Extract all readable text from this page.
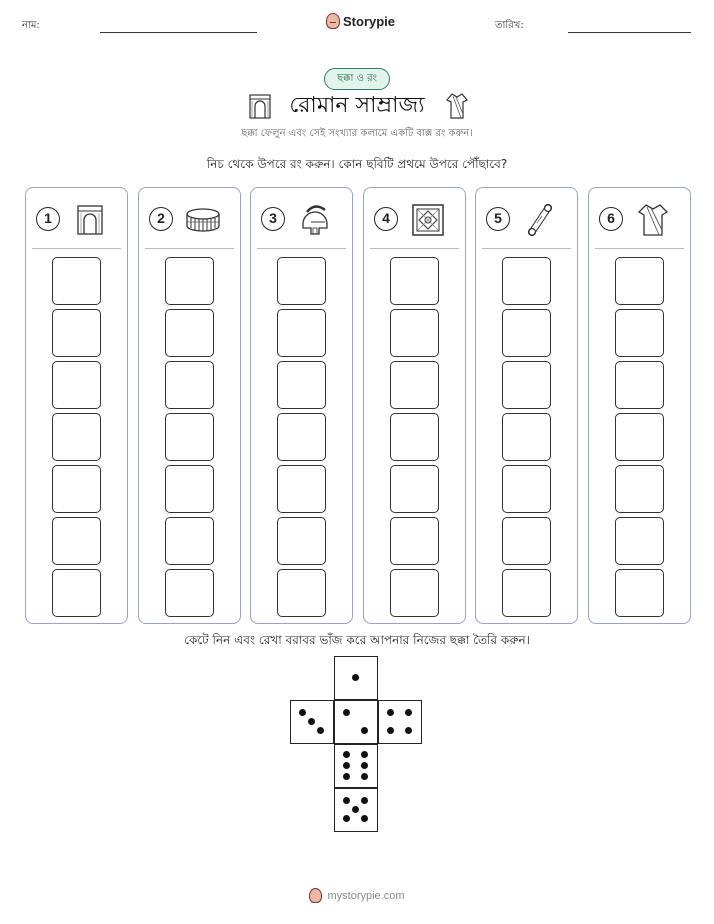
নাম:	Storypie	তারিখ:
ছক্কা ও রং
রোমান সাম্রাজ্য
ছক্কা ফেলুন এবং সেই সংখ্যার কলামে একটি বাক্স রং করুন।
নিচ থেকে উপরে রং করুন। কোন ছবিটি প্রথমে উপরে পৌঁছাবে?
1	2	3	4	5	6
কেটে নিন এবং রেখা বরাবর ভাঁজ করে আপনার নিজের ছক্কা তৈরি করুন।
mystorypie.com
